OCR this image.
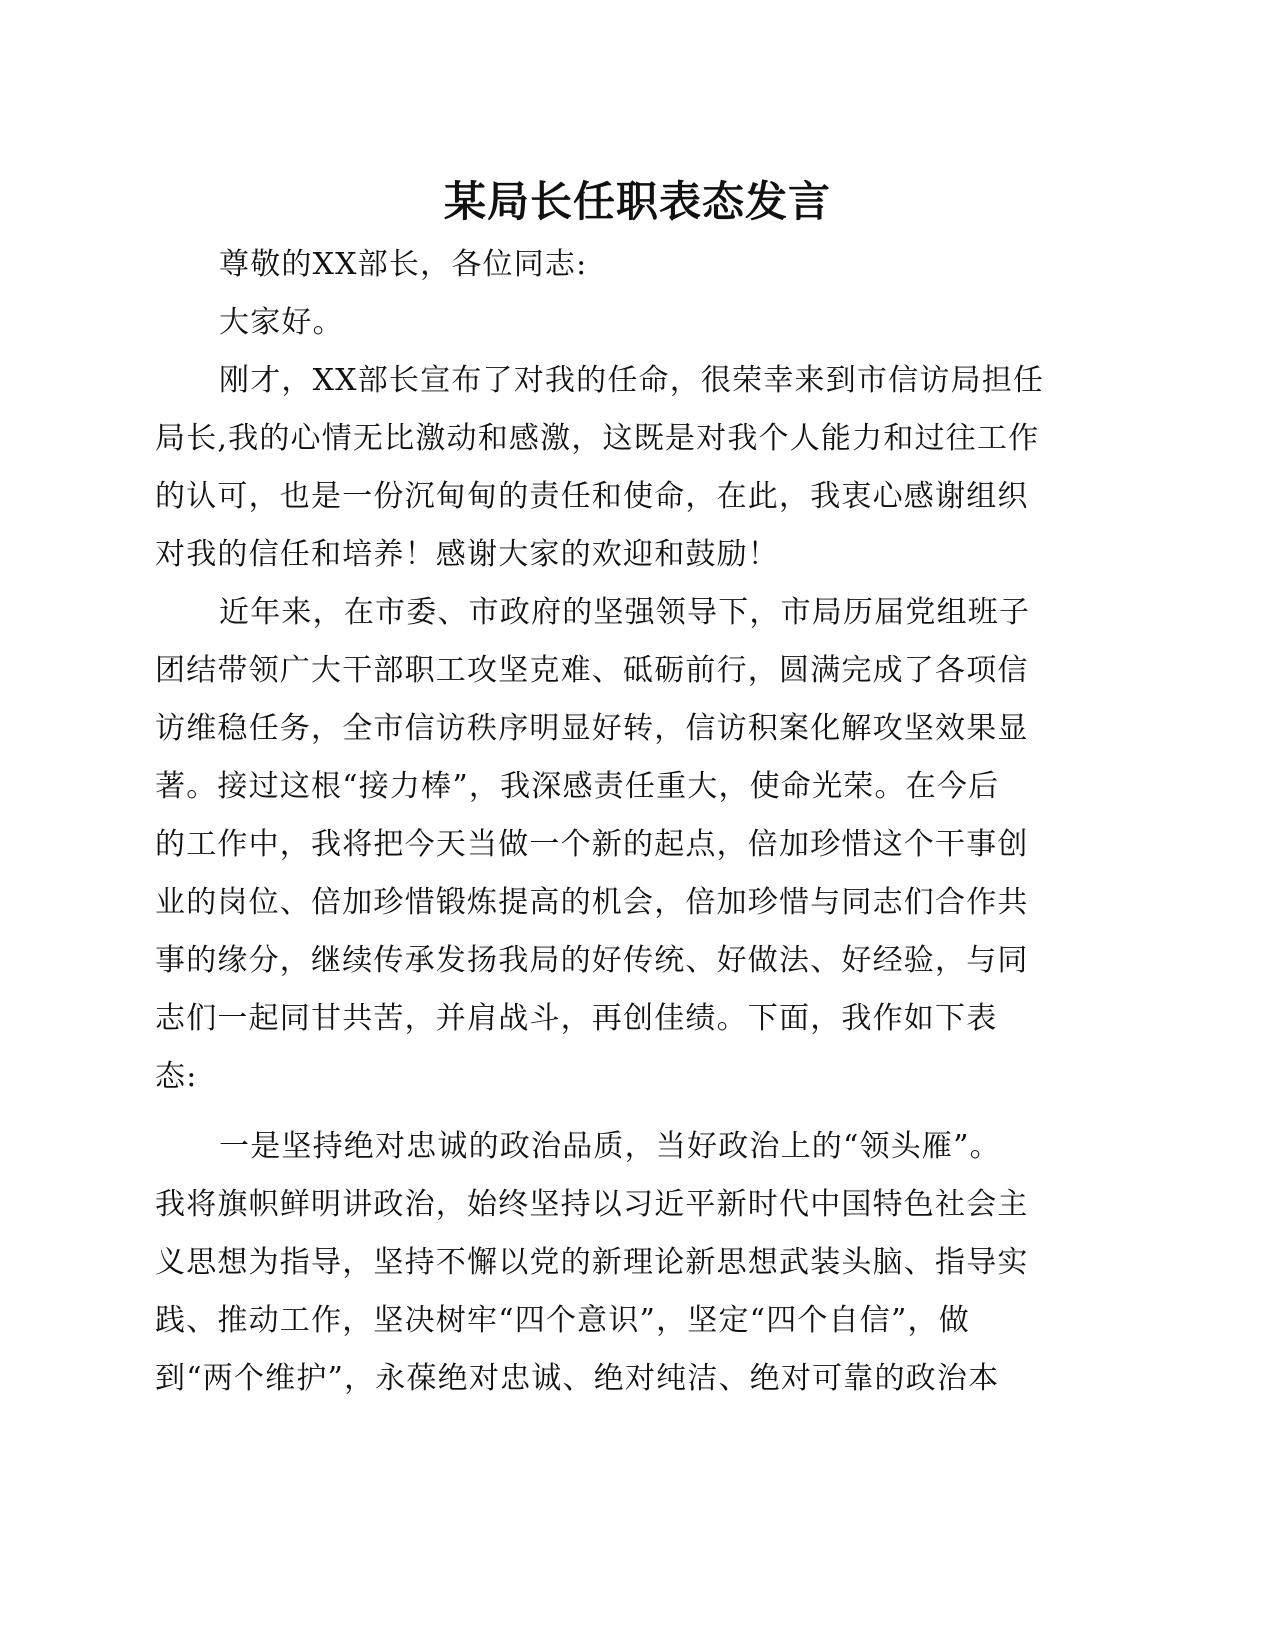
某局长任职表态发言

尊敬的XX部长，各位同志:

大家好。

刚才，XX部长宣布了对我的任命，很荣幸来到市信访局担任

局长,我的心情无比激动和感激，这既是对我个人能力和过往工作

的认可，也是一份沉甸甸的责任和使命，在此，我衷心感谢组织

对我的信任和培养！感谢大家的欢迎和鼓励！

近年来，在市委、市政府的坚强领导下，市局历届党组班子

团结带领广大干部职工攻坚克难、砥砺前行，圆满完成了各项信

访维稳任务，全市信访秩序明显好转，信访积案化解攻坚效果显

著。接过这根“接力棒”，我深感责任重大，使命光荣。在今后

的工作中，我将把今天当做一个新的起点，倍加珍惜这个干事创

业的岗位、倍加珍惜锻炼提高的机会，倍加珍惜与同志们合作共

事的缘分，继续传承发扬我局的好传统、好做法、好经验，与同

志们一起同甘共苦，并肩战斗，再创佳绩。下面，我作如下表

态:

一是坚持绝对忠诚的政治品质，当好政治上的“领头雁”。

我将旗帜鲜明讲政治，始终坚持以习近平新时代中国特色社会主

义思想为指导，坚持不懈以党的新理论新思想武装头脑、指导实

践、推动工作，坚决树牢“四个意识”，坚定“四个自信”，做

到“两个维护”，永葆绝对忠诚、绝对纯洁、绝对可靠的政治本
